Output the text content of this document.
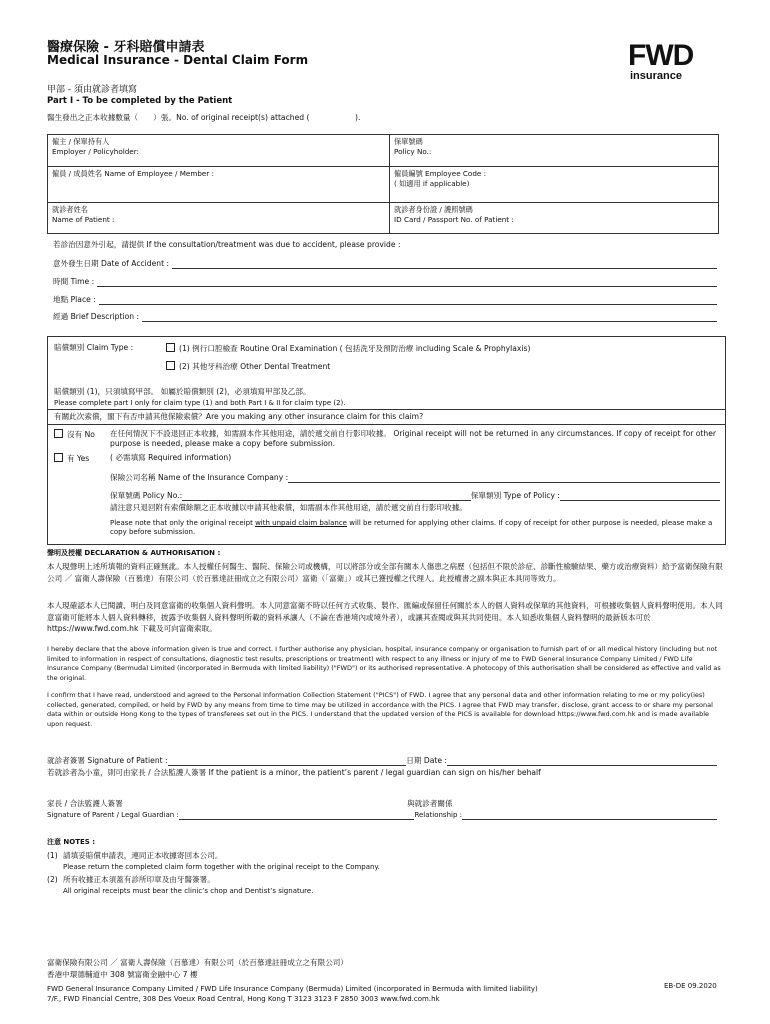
醫療保險 - 牙科賠償申請表
Medical Insurance - Dental Claim Form	FWD
insurance
甲部 - 須由就診者填寫
Part I - To be completed by the Patient
醫生發出之正本收據數量（　　）張。No. of original receipt(s) attached (　　　　　　).
僱主 / 保單持有人
Employer / Policyholder:
保單號碼
Policy No.:
僱員 / 成員姓名 Name of Employee / Member :	僱員編號 Employee Code :
( 如適用 if applicable)
就診者姓名
Name of Patient :
就診者身份證 / 護照號碼
ID Card / Passport No. of Patient :
若診治因意外引起，請提供 If the consultation/treatment was due to accident, please provide :
意外發生日期 Date of Accident :
時間 Time :
地點 Place :
經過 Brief Description :
賠償類別 Claim Type :	(1) 例行口腔檢查 Routine Oral Examination ( 包括洗牙及預防治療 including Scale & Prophylaxis)
(2) 其他牙科治療 Other Dental Treatment
賠償類別 (1)，只須填寫甲部。 如屬於賠償類別 (2)，必須填寫甲部及乙部。
Please complete part I only for claim type (1) and both Part I & II for claim type (2).
有關此次索償，閣下有否申請其他保險索償？Are you making any other insurance claim for this claim?
沒有 No 在任何情況下不設退回正本收據，如需副本作其他用途，請於遞交前自行影印收據。 Original receipt will not be returned in any circumstances. If copy of receipt for other purpose is needed, please make a copy before submission.
有 Yes	( 必需填寫 Required information)
保險公司名稱 Name of the Insurance Company :
保單號碼 Policy No.:	保單類別 Type of Policy :
請注意只退回附有索償餘額之正本收據以申請其他索償，如需副本作其他用途，請於遞交前自行影印收據。
Please note that only the original receipt with unpaid claim balance will be returned for applying other claims. If copy of receipt for other purpose is needed, please make a copy before submission.
聲明及授權 DECLARATION & AUTHORISATION :
本人現聲明上述所填報的資料正確無訛。本人授權任何醫生、醫院、保險公司或機構，可以將部分或全部有關本人傷患之病歷（包括但不限於診症、診斷性檢驗結果、藥方或治療資料）給予富衛保險有限公司 ／ 富衛人壽保險（百慕達）有限公司（於百慕達註冊成立之有限公司）富衛（「富衛」）或其已獲授權之代理人。此授權書之副本與正本具同等效力。
本人現確認本人已閱讀、明白及同意富衛的收集個人資料聲明。本人同意富衛不時以任何方式收集、製作、匯編或保留任何關於本人的個人資料或保單的其他資料，可根據收集個人資料聲明使用。本人同意富衛可能將本人個人資料轉移，披露予收集個人資料聲明所載的資料承讓人（不論在香港境內或境外者），或讓其查閱或與其共同使用。本人知悉收集個人資料聲明的最新版本可於 https://www.fwd.com.hk 下載及可向富衛索取。
I hereby declare that the above information given is true and correct. I further authorise any physician, hospital, insurance company or organisation to furnish part of or all medical history (including but not limited to information in respect of consultations, diagnostic test results, prescriptions or treatment) with respect to any illness or injury of me to FWD General Insurance Company Limited / FWD Life Insurance Company (Bermuda) Limited (incorporated in Bermuda with limited liability) ("FWD") or its authorised representative. A photocopy of this authorisation shall be considered as effective and valid as the original.
I confirm that I have read, understood and agreed to the Personal Information Collection Statement ("PICS") of FWD. I agree that any personal data and other information relating to me or my policy(ies) collected, generated, compiled, or held by FWD by any means from time to time may be utilized in accordance with the PICS. I agree that FWD may transfer, disclose, grant access to or share my personal data within or outside Hong Kong to the types of transferees set out in the PICS. I understand that the updated version of the PICS is available for download https://www.fwd.com.hk and is made available upon request.
就診者簽署 Signature of Patient :	日期 Date :
若就診者為小童，則可由家長 / 合法監護人簽署 If the patient is a minor, the patient’s parent / legal guardian can sign on his/her behalf
家長 / 合法監護人簽署	與就診者關係
Signature of Parent / Legal Guardian :	Relationship :
注意 NOTES :
(1) 請填妥賠償申請表，連同正本收據寄回本公司。
Please return the completed claim form together with the original receipt to the Company.
(2) 所有收據正本須蓋有診所印章及由牙醫簽署。
All original receipts must bear the clinic’s chop and Dentist’s signature.
富衛保險有限公司 ／ 富衛人壽保險（百慕達）有限公司（於百慕達註冊成立之有限公司）
香港中環德輔道中 308 號富衛金融中心 7 樓
FWD General Insurance Company Limited / FWD Life Insurance Company (Bermuda) Limited (incorporated in Bermuda with limited liability)
7/F., FWD Financial Centre, 308 Des Voeux Road Central, Hong Kong T 3123 3123 F 2850 3003 www.fwd.com.hk
EB-DE 09.2020
